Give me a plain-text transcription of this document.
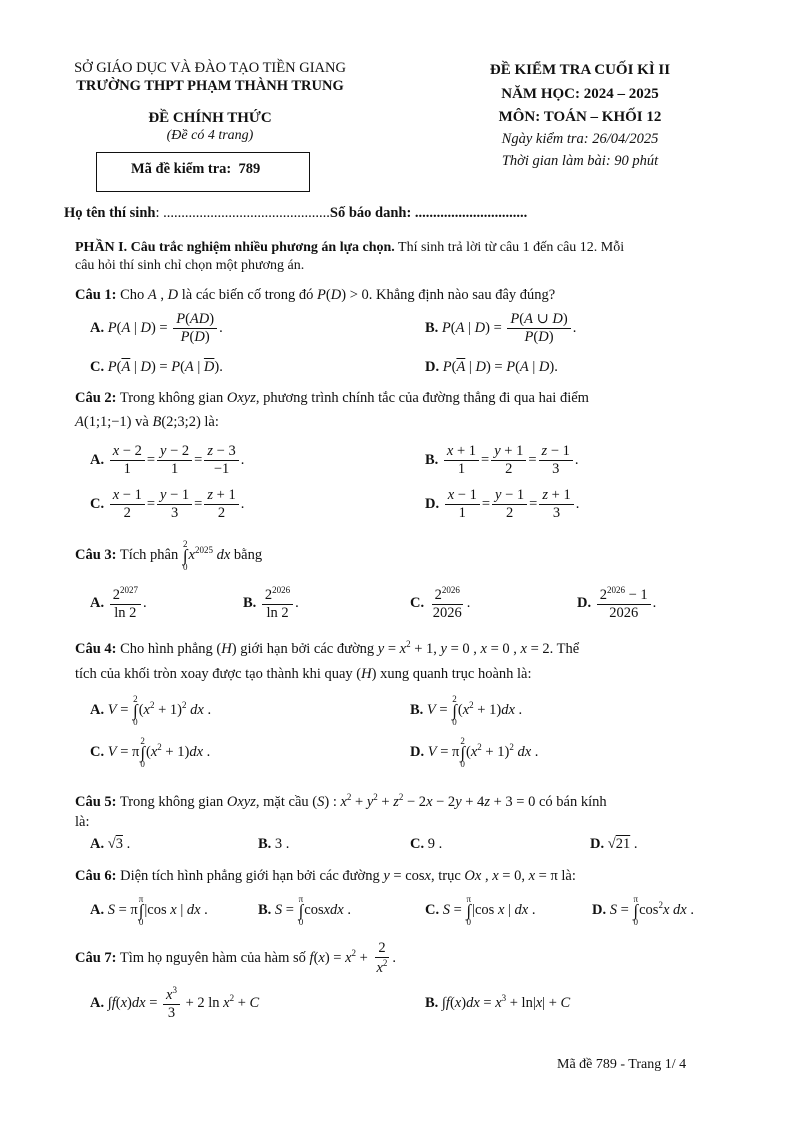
SỞ GIÁO DỤC VÀ ĐÀO TẠO TIỀN GIANG
TRƯỜNG THPT PHẠM THÀNH TRUNG
ĐỀ CHÍNH THỨC
(Đề có 4 trang)
Mã đề kiểm tra: 789
ĐỀ KIỂM TRA CUỐI KÌ II
NĂM HỌC: 2024 – 2025
MÔN: TOÁN – KHỐI 12
Ngày kiểm tra: 26/04/2025
Thời gian làm bài: 90 phút
Họ tên thí sinh: ..............................................Số báo danh: ...............................
PHẦN I. Câu trắc nghiệm nhiều phương án lựa chọn. Thí sinh trả lời từ câu 1 đến câu 12. Mỗi
câu hỏi thí sinh chỉ chọn một phương án.
Câu 1: Cho A , D là các biến cố trong đó P(D) > 0. Khẳng định nào sau đây đúng?
A. P(A | $D) = \frac{P(AD)}{P(D)}$ .	B. P(A | $D) = \frac{P(A \cup D)}{P(D)}$ .
C. $P(\overline{A}$ | D) = P(A | $\overline{D}$).	D. $P(\overline{A}$ | D) = P(A | D).
Câu 2: Trong không gian Oxyz, phương trình chính tắc của đường thẳng đi qua hai điểm
A(1;1;−1) và B(2;3;2) là:
A. $\frac{x - 2}{1} = \frac{y - 2}{1} = \frac{z - 3}{-1}$ .	B. $\frac{x + 1}{1} = \frac{y + 1}{2} = \frac{z - 1}{3}$ .
C. $\frac{x - 1}{2} = \frac{y - 1}{3} = \frac{z + 1}{2}$ .	D. $\frac{x - 1}{1} = \frac{y - 1}{2} = \frac{z + 1}{3}$ .
Câu 3: Tích phân
2
∫
0
$x^{2025}$ dx bằng
A. $\frac{2^{2027}}{\ln 2}$ .	B. $\frac{2^{2026}}{\ln 2}$ .	C. $\frac{2^{2026}}{2026}$ .	D. $\frac{2^{2026} - 1}{2026}$ .
Câu 4: Cho hình phẳng (H) giới hạn bởi các đường $y = x^2 + 1$, y = 0 , x = 0 , x = 2. Thể
tích của khối tròn xoay được tạo thành khi quay (H) xung quanh trục hoành là:
A. V =
2
∫
0
$(x^2 + 1)^2$ dx .	B. V =
2
∫
0
$(x^2 + 1)dx$ .
C. V = π
2
∫
0
$(x^2 + 1)dx$ .	D. V = π
2
∫
0
$(x^2 + 1)^2$ dx .
Câu 5: Trong không gian Oxyz, mặt cầu (S) : $x^2 + y^2 + z^2 - 2x - 2y + 4z + 3 = 0$ có bán kính
là:
A. √3 .	B. 3 .	C. 9 .	D. √21 .
Câu 6: Diện tích hình phẳng giới hạn bởi các đường y = cosx, trục Ox , x = 0, x = π là:
A. S = π
π
∫
0
|cos x | dx .	B. S =
π
∫
0
cosxdx .	C. S =
π
∫
0
|cos x | dx .	D. S =
π
∫
0
$\cos^2x$ dx .
Câu 7: Tìm họ nguyên hàm của hàm số $f(x) = x^2 + \frac{2}{x^2}$ .
A. $\int f(x)dx = \frac{x^3}{3} + 2$ $\ln x^2 + C$	B. $\int f(x)dx = x^3 + \ln|x| + C$
Mã đề 789 - Trang 1/ 4
